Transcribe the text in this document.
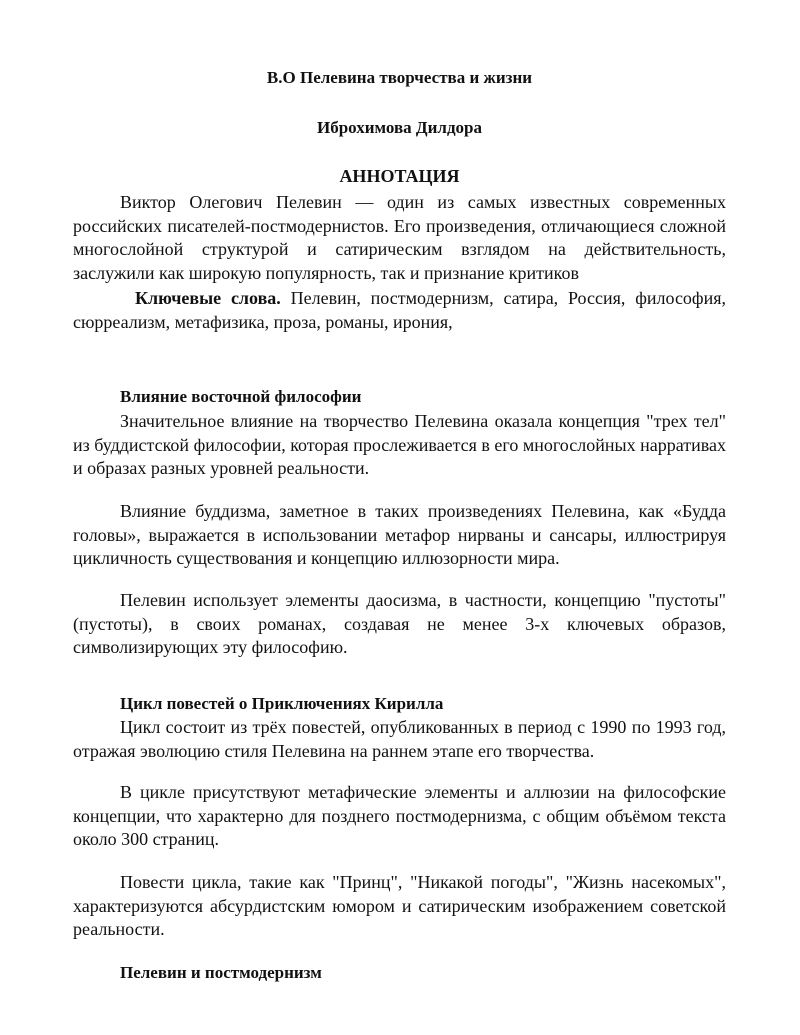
В.О Пелевина творчества и жизни
Иброхимова Дилдора
АННОТАЦИЯ
Виктор Олегович Пелевин — один из самых известных современных российских писателей-постмодернистов. Его произведения, отличающиеся сложной многослойной структурой и сатирическим взглядом на действительность, заслужили как широкую популярность, так и признание критиков
Ключевые слова. Пелевин, постмодернизм, сатира, Россия, философия, сюрреализм, метафизика, проза, романы, ирония,
Влияние восточной философии
Значительное влияние на творчество Пелевина оказала концепция "трех тел" из буддистской философии, которая прослеживается в его многослойных нарративах и образах разных уровней реальности.
Влияние буддизма, заметное в таких произведениях Пелевина, как «Будда головы», выражается в использовании метафор нирваны и сансары, иллюстрируя цикличность существования и концепцию иллюзорности мира.
Пелевин использует элементы даосизма, в частности, концепцию "пустоты" (пустоты), в своих романах, создавая не менее 3-х ключевых образов, символизирующих эту философию.
Цикл повестей о Приключениях Кирилла
Цикл состоит из трёх повестей, опубликованных в период с 1990 по 1993 год, отражая эволюцию стиля Пелевина на раннем этапе его творчества.
В цикле присутствуют метафические элементы и аллюзии на философские концепции, что характерно для позднего постмодернизма, с общим объёмом текста около 300 страниц.
Повести цикла, такие как "Принц", "Никакой погоды", "Жизнь насекомых", характеризуются абсурдистским юмором и сатирическим изображением советской реальности.
Пелевин и постмодернизм
